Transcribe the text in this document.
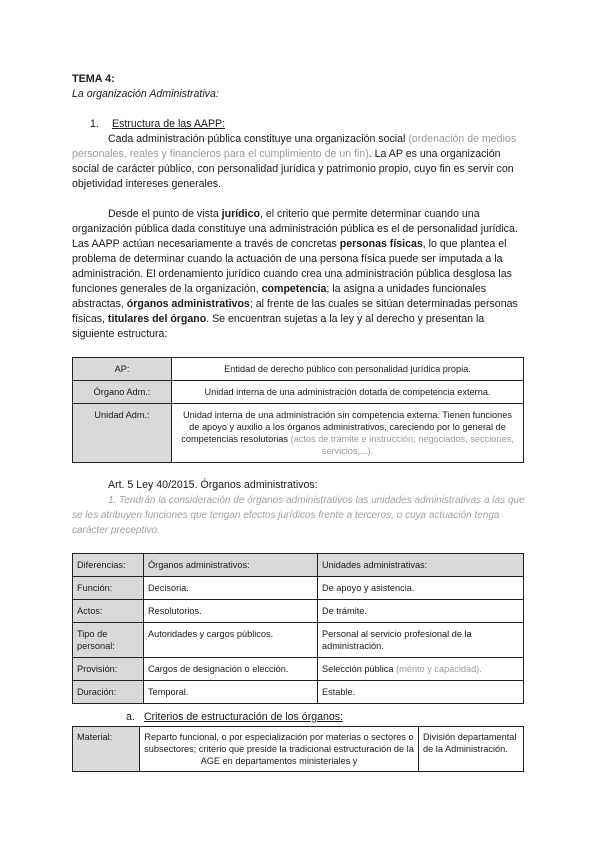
TEMA 4:

La organización Administrativa:

1. Estructura de las AAPP:

Cada administración pública constituye una organización social (ordenación de medios personales, reales y financieros para el cumplimiento de un fin). La AP es una organización social de carácter público, con personalidad jurídica y patrimonio propio, cuyo fin es servir con objetividad intereses generales.

Desde el punto de vista jurídico, el criterio que permite determinar cuando una organización pública dada constituye una administración pública es el de personalidad jurídica. Las AAPP actúan necesariamente a través de concretas personas físicas, lo que plantea el problema de determinar cuando la actuación de una persona física puede ser imputada a la administración. El ordenamiento jurídico cuando crea una administración pública desglosa las funciones generales de la organización, competencia; la asigna a unidades funcionales abstractas, órganos administrativos; al frente de las cuales se sitúan determinadas personas físicas, titulares del órgano. Se encuentran sujetas a la ley y al derecho y presentan la siguiente estructura:

AP:	Entidad de derecho público con personalidad jurídica propia.
Órgano Adm.:	Unidad interna de una administración dotada de competencia externa.
Unidad Adm.:	Unidad interna de una administración sin competencia externa. Tienen funciones de apoyo y auxilio a los órganos administrativos, careciendo por lo general de competencias resolutorias (actos de trámite e instrucción; negociados, secciones, servicios,...).

Art. 5 Ley 40/2015. Órganos administrativos:

1. Tendrán la consideración de órganos administrativos las unidades administrativas a las que se les atribuyen funciones que tengan efectos jurídicos frente a terceros, o cuya actuación tenga carácter preceptivo.

Diferencias:	Órganos administrativos:	Unidades administrativas:
Función:	Decisoria.	De apoyo y asistencia.
Actos:	Resolutorios.	De trámite.
Tipo de personal:	Autoridades y cargos públicos.	Personal al servicio profesional de la administración.
Provisión:	Cargos de designación o elección.	Selección pública (mérito y capacidad).
Duración:	Temporal.	Estable.

a. Criterios de estructuración de los órganos:

Material:	Reparto funcional, o por especialización por materias o sectores o subsectores; criterio que preside la tradicional estructuración de la AGE en departamentos ministeriales y	División departamental de la Administración.
